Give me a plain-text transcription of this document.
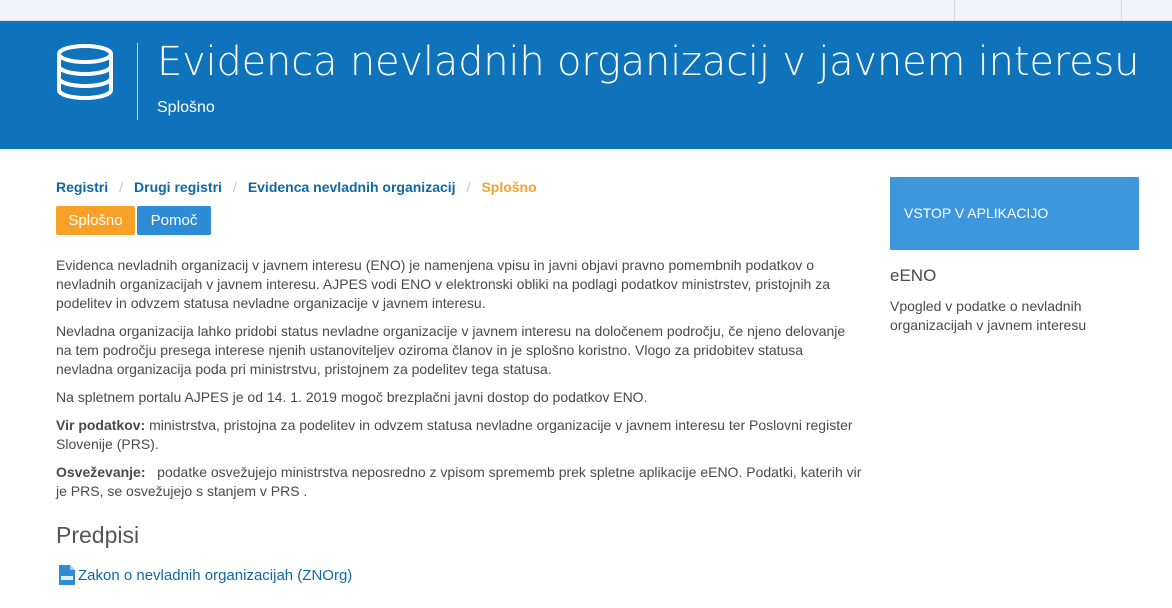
Evidenca nevladnih organizacij v javnem interesu
Splošno
Registri / Drugi registri / Evidenca nevladnih organizacij / Splošno
Splošno	Pomoč

Evidenca nevladnih organizacij v javnem interesu (ENO) je namenjena vpisu in javni objavi pravno pomembnih podatkov o nevladnih organizacijah v javnem interesu. AJPES vodi ENO v elektronski obliki na podlagi podatkov ministrstev, pristojnih za podelitev in odvzem statusa nevladne organizacije v javnem interesu.

Nevladna organizacija lahko pridobi status nevladne organizacije v javnem interesu na določenem področju, če njeno delovanje na tem področju presega interese njenih ustanoviteljev oziroma članov in je splošno koristno. Vlogo za pridobitev statusa nevladna organizacija poda pri ministrstvu, pristojnem za podelitev tega statusa.

Na spletnem portalu AJPES je od 14. 1. 2019 mogoč brezplačni javni dostop do podatkov ENO.

Vir podatkov: ministrstva, pristojna za podelitev in odvzem statusa nevladne organizacije v javnem interesu ter Poslovni register Slovenije (PRS).

Osveževanje:   podatke osvežujejo ministrstva neposredno z vpisom sprememb prek spletne aplikacije eENO. Podatki, katerih vir je PRS, se osvežujejo s stanjem v PRS .

Predpisi
Zakon o nevladnih organizacijah (ZNOrg)
VSTOP V APLIKACIJO
eENO
Vpogled v podatke o nevladnih organizacijah v javnem interesu
